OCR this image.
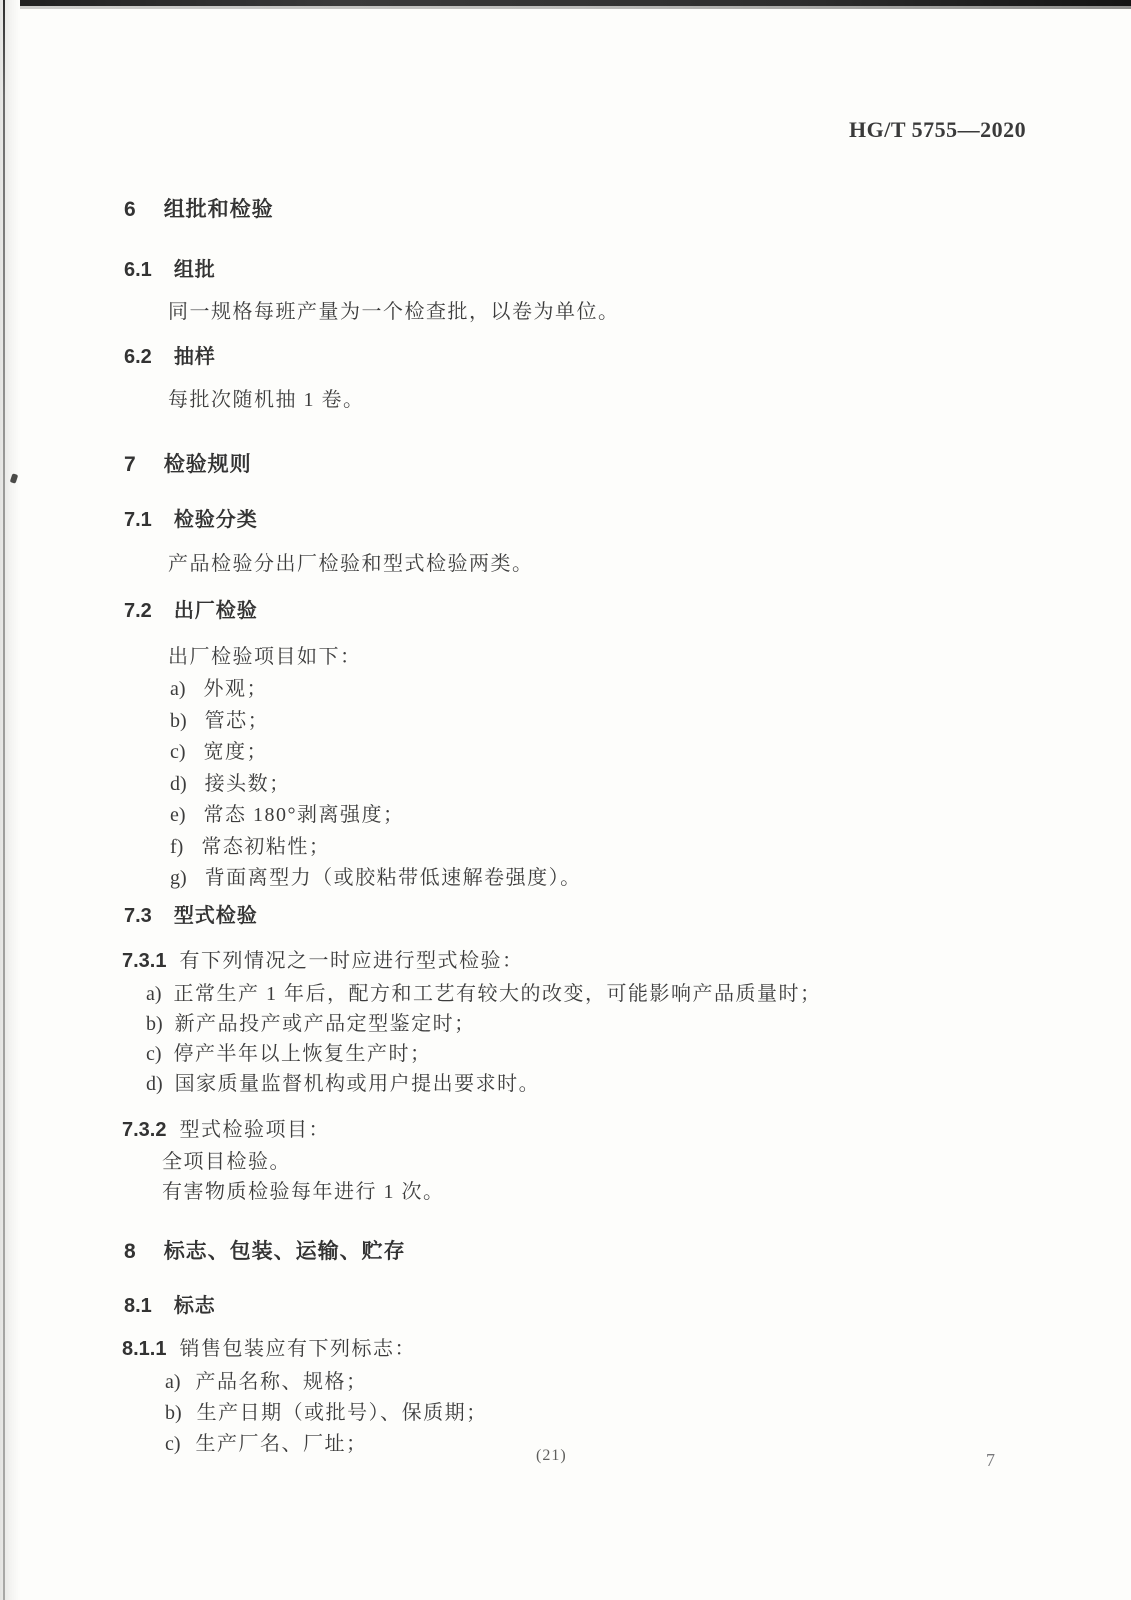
HG/T 5755—2020
6 组批和检验
6.1 组批
同一规格每班产量为一个检查批，以卷为单位。
6.2 抽样
每批次随机抽 1 卷。
7 检验规则
7.1 检验分类
产品检验分出厂检验和型式检验两类。
7.2 出厂检验
出厂检验项目如下：
a) 外观；
b) 管芯；
c) 宽度；
d) 接头数；
e) 常态 180°剥离强度；
f) 常态初粘性；
g) 背面离型力（或胶粘带低速解卷强度）。
7.3 型式检验
7.3.1 有下列情况之一时应进行型式检验：
a) 正常生产 1 年后，配方和工艺有较大的改变，可能影响产品质量时；
b) 新产品投产或产品定型鉴定时；
c) 停产半年以上恢复生产时；
d) 国家质量监督机构或用户提出要求时。
7.3.2 型式检验项目：
全项目检验。
有害物质检验每年进行 1 次。
8 标志、包装、运输、贮存
8.1 标志
8.1.1 销售包装应有下列标志：
a) 产品名称、规格；
b) 生产日期（或批号）、保质期；
c) 生产厂名、厂址；
(21)	7
